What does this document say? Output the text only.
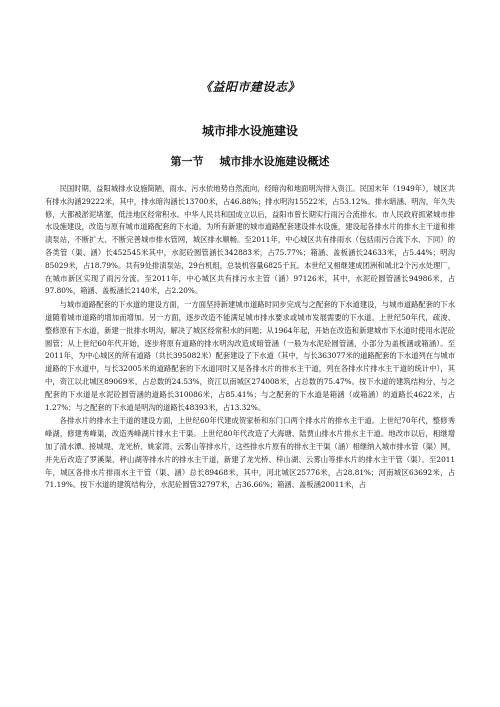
《益阳市建设志》
城市排水设施建设
第一节 城市排水设施建设概述

民国时期，益阳城排水设施简陋，雨水、污水依地势自然流向，经暗沟和地面明沟排入资江。民国末年（1949年），城区共有排水沟涵29222米，其中，排水暗沟涵长13700米，占46.88%；排水明沟15522米，占53.12%。排水暗涵、明沟，年久失修，大都被淤泥堵塞，低洼地区经常积水。中华人民共和国成立以后，益阳市曾长期实行雨污合流排水。市人民政府抓紧城市排水设施建设，改造与原有城市道路配套的下水道，为所有新建的城市道路配套建设排水设施，建设起各排水片的排水主干道和排渍泵站，不断扩大、不断完善城市排水管网，城区排水顺畅。至2011年，中心城区共有排雨水（包括雨污合流下水、下同）的各类管（渠、涵）长452545米其中，水泥砼圆管涵长342883米，占75.77%；箱涵、盖板涵长24633米，占5.44%；明沟85029米，占18.79%。共有9处排渍泵站，29台机组，总装机容量6825千瓦。本世纪又相继建成团洲和城北2个污水处理厂，在城市新区实现了雨污分流。至2011年，中心城区共有排污水主管（涵）97126米，其中，水泥砼圆管涵长94986米，占97.80%，箱涵、盖板涵长2140米，占2.20%。

与城市道路配套的下水道的建设方面，一方面坚持新建城市道路时同步完成与之配套的下水道建设，与城市道路配套的下水道随着城市道路的增加而增加。另一方面，逐步改造不能满足城市排水要求或城市发展需要的下水道。上世纪50年代，疏浚、整修原有下水道，新建一批排水明沟，解决了城区经常积水的问题；从1964年起，开始在改造和新建城市下水道时使用水泥砼圆管；从上世纪60年代开始，逐步将原有道路的排水明沟改造成暗管涵（一般为水泥砼圆管涵，小部分为盖板涵或箱涵）。至2011年，为中心城区的所有道路（共长395082米）配套建设了下水道（其中，与长363077米的道路配套的下水道列在与城市道路的下水道中，与长32005米的道路配套的下水道同时又是各排水片的排水主干道，列在各排水片排水主干道的统计中），其中，资江以北城区89069米，占总数的24.53%，资江以南城区274008米，占总数的75.47%。按下水道的建筑结构分，与之配套的下水道是水泥砼圆管涵的道路长310086米，占85.41%；与之配套的下水道是箱涵（或箱涵）的道路长4622米，占1.27%；与之配套的下水道是明沟的道路长48393米，占13.32%。

各排水片的排水主干道的建设方面，上世纪60年代建成贺家桥和东门口两个排水片的排水主干道。上世纪70年代，整修秀峰湖，修建秀峰渠，改造秀峰湖片排水主干渠。上世纪80年代改造了大海塘、陆贾山排水片排水主干道。地改市以后，相继增加了清水潭、接城堤、龙光桥、姚家湾、云雾山等排水片，这些排水片原有的排水主干渠（涵）相继纳入城市排水管（渠）网，并先后改造了罗溪渠、秤山湖等排水片的排水主干道，新建了龙光桥、梓山湖、云雾山等排水片的排水主干管（渠）。至2011年，城区各排水片排雨水主干管（渠、涵）总长89468米，其中，河北城区25776米，占28.81%；河南城区63692米，占71.19%。按下水道的建筑结构分，水泥砼圆管32797米，占36.66%；箱涵、盖板涵20011米，占
